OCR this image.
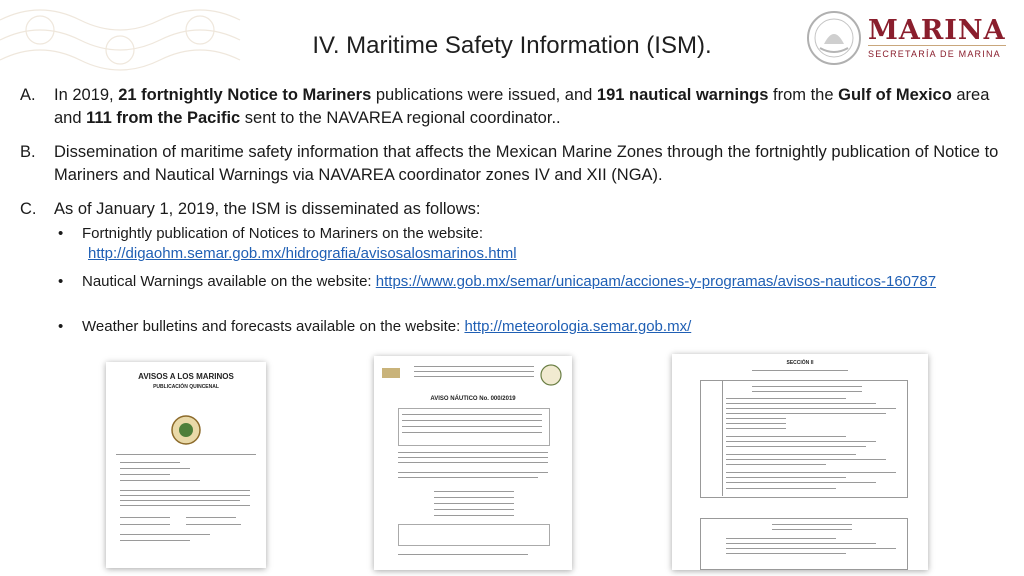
IV. Maritime Safety Information (ISM).	MARINA
SECRETARÍA DE MARINA
A.	In 2019, 21 fortnightly Notice to Mariners publications were issued, and 191 nautical warnings from the Gulf of Mexico area and 111 from the Pacific sent to the NAVAREA regional coordinator..
B.	Dissemination of maritime safety information that affects the Mexican Marine Zones through the fortnightly publication of Notice to Mariners and Nautical Warnings via NAVAREA coordinator zones IV and XII (NGA).
C.	As of January 1, 2019, the ISM is disseminated as follows:
• Fortnightly publication of Notices to Mariners on the website:
http://digaohm.semar.gob.mx/hidrografia/avisosalosmarinos.html
• Nautical Warnings available on the website: https://www.gob.mx/semar/unicapam/acciones-y-programas/avisos-nauticos-160787
• Weather bulletins and forecasts available on the website: http://meteorologia.semar.gob.mx/
AVISOS A LOS MARINOS
PUBLICACIÓN QUINCENAL
AVISO NÁUTICO No. 000/2019
SECCIÓN II
